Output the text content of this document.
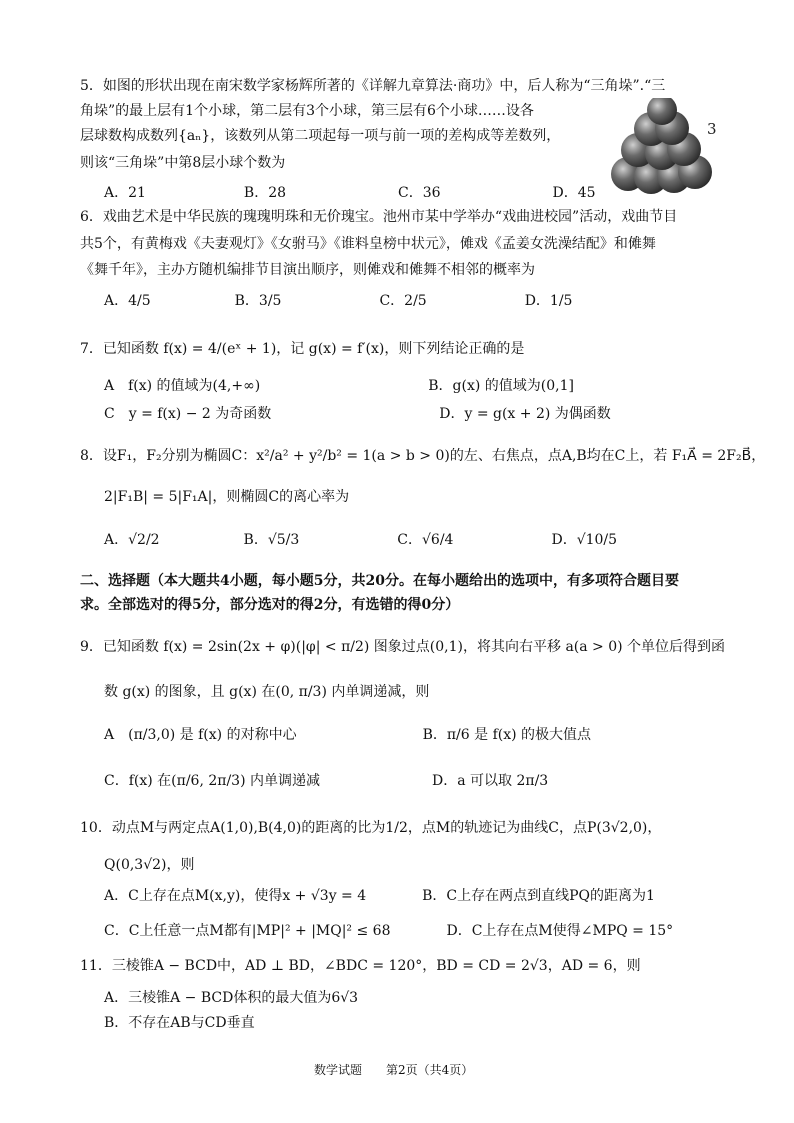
5．如图的形状出现在南宋数学家杨辉所著的《详解九章算法·商功》中，后人称为“三角垛”.“三
角垛”的最上层有1个小球，第二层有3个小球，第三层有6个小球……设各
层球数构成数列{aₙ}，该数列从第二项起每一项与前一项的差构成等差数列，
则该“三角垛”中第8层小球个数为
A．21　　　　　　　B．28　　　　　　　　C．36　　　　　　　　D．45
3
6．戏曲艺术是中华民族的瑰瑰明珠和无价瑰宝。池州市某中学举办“戏曲进校园”活动，戏曲节目
共5个，有黄梅戏《夫妻观灯》《女驸马》《谁料皇榜中状元》，傩戏《孟姜女洗澡结配》和傩舞
《舞千年》，主办方随机编排节目演出顺序，则傩戏和傩舞不相邻的概率为
A．4/5　　　　　　B．3/5　　　　　　　C．2/5　　　　　　　D．1/5
7．已知函数 f(x) = 4/(eˣ + 1)，记 g(x) = f′(x)，则下列结论正确的是
A　f(x) 的值域为(4,+∞)　　　　　　　　　　　　B．g(x) 的值域为(0,1]
C　y = f(x) − 2 为奇函数　　　　　　　　　　　　D．y = g(x + 2) 为偶函数
8．设F₁，F₂分别为椭圆C：x²/a² + y²/b² = 1(a > b > 0)的左、右焦点，点A,B均在C上，若 F₁A⃗ = 2F₂B⃗，
2|F₁B| = 5|F₁A|，则椭圆C的离心率为
A．√2/2　　　　　　B．√5/3　　　　　　　C．√6/4　　　　　　　D．√10/5
二、选择题（本大题共4小题，每小题5分，共20分。在每小题给出的选项中，有多项符合题目要
求。全部选对的得5分，部分选对的得2分，有选错的得0分）
9．已知函数 f(x) = 2sin(2x + φ)(|φ| < π/2) 图象过点(0,1)，将其向右平移 a(a > 0) 个单位后得到函
数 g(x) 的图象，且 g(x) 在(0, π/3) 内单调递减，则
A　(π/3,0) 是 f(x) 的对称中心　　　　　　　　　B．π/6 是 f(x) 的极大值点
C．f(x) 在(π/6, 2π/3) 内单调递减　　　　　　　　D．a 可以取 2π/3
10．动点M与两定点A(1,0),B(4,0)的距离的比为1/2，点M的轨迹记为曲线C，点P(3√2,0)，
Q(0,3√2)，则
A．C上存在点M(x,y)，使得x + √3y = 4　　　　B．C上存在两点到直线PQ的距离为1
C．C上任意一点M都有|MP|² + |MQ|² ≤ 68　　　　D．C上存在点M使得∠MPQ = 15°
11．三棱锥A − BCD中，AD ⊥ BD，∠BDC = 120°，BD = CD = 2√3，AD = 6，则
A．三棱锥A − BCD体积的最大值为6√3
B．不存在AB与CD垂直
数学试题　　第2页（共4页）
